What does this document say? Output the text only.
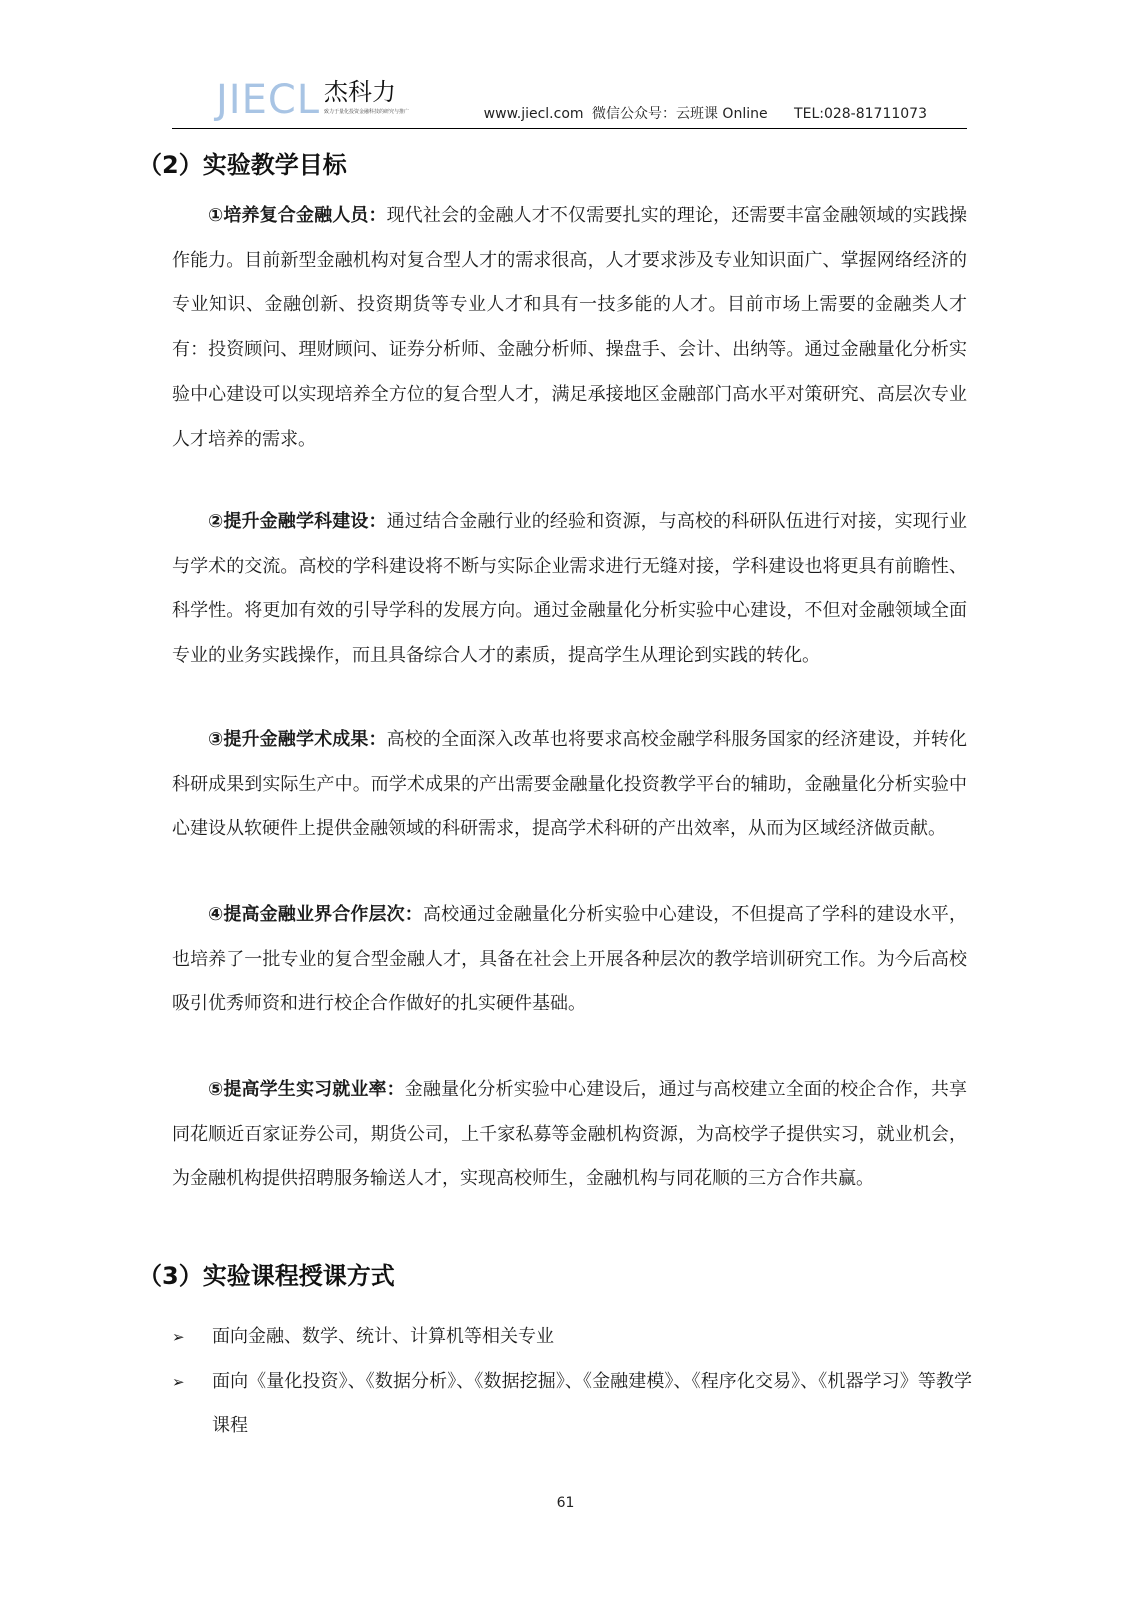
JIECL 杰科力
致力于量化投资金融科技的研究与推广	www.jiecl.com 微信公众号：云班课 Online TEL:028-81711073
（2）实验教学目标

①培养复合金融人员：现代社会的金融人才不仅需要扎实的理论，还需要丰富金融领域的实践操作能力。目前新型金融机构对复合型人才的需求很高，人才要求涉及专业知识面广、掌握网络经济的专业知识、金融创新、投资期货等专业人才和具有一技多能的人才。目前市场上需要的金融类人才有：投资顾问、理财顾问、证券分析师、金融分析师、操盘手、会计、出纳等。通过金融量化分析实验中心建设可以实现培养全方位的复合型人才，满足承接地区金融部门高水平对策研究、高层次专业人才培养的需求。

②提升金融学科建设：通过结合金融行业的经验和资源，与高校的科研队伍进行对接，实现行业与学术的交流。高校的学科建设将不断与实际企业需求进行无缝对接，学科建设也将更具有前瞻性、科学性。将更加有效的引导学科的发展方向。通过金融量化分析实验中心建设，不但对金融领域全面专业的业务实践操作，而且具备综合人才的素质，提高学生从理论到实践的转化。

③提升金融学术成果：高校的全面深入改革也将要求高校金融学科服务国家的经济建设，并转化科研成果到实际生产中。而学术成果的产出需要金融量化投资教学平台的辅助，金融量化分析实验中心建设从软硬件上提供金融领域的科研需求，提高学术科研的产出效率，从而为区域经济做贡献。

④提高金融业界合作层次：高校通过金融量化分析实验中心建设，不但提高了学科的建设水平，也培养了一批专业的复合型金融人才，具备在社会上开展各种层次的教学培训研究工作。为今后高校吸引优秀师资和进行校企合作做好的扎实硬件基础。

⑤提高学生实习就业率：金融量化分析实验中心建设后，通过与高校建立全面的校企合作，共享同花顺近百家证券公司，期货公司，上千家私募等金融机构资源，为高校学子提供实习，就业机会，为金融机构提供招聘服务输送人才，实现高校师生，金融机构与同花顺的三方合作共赢。

（3）实验课程授课方式
➢ 面向金融、数学、统计、计算机等相关专业
➢ 面向《量化投资》、《数据分析》、《数据挖掘》、《金融建模》、《程序化交易》、《机器学习》等教学课程
61
